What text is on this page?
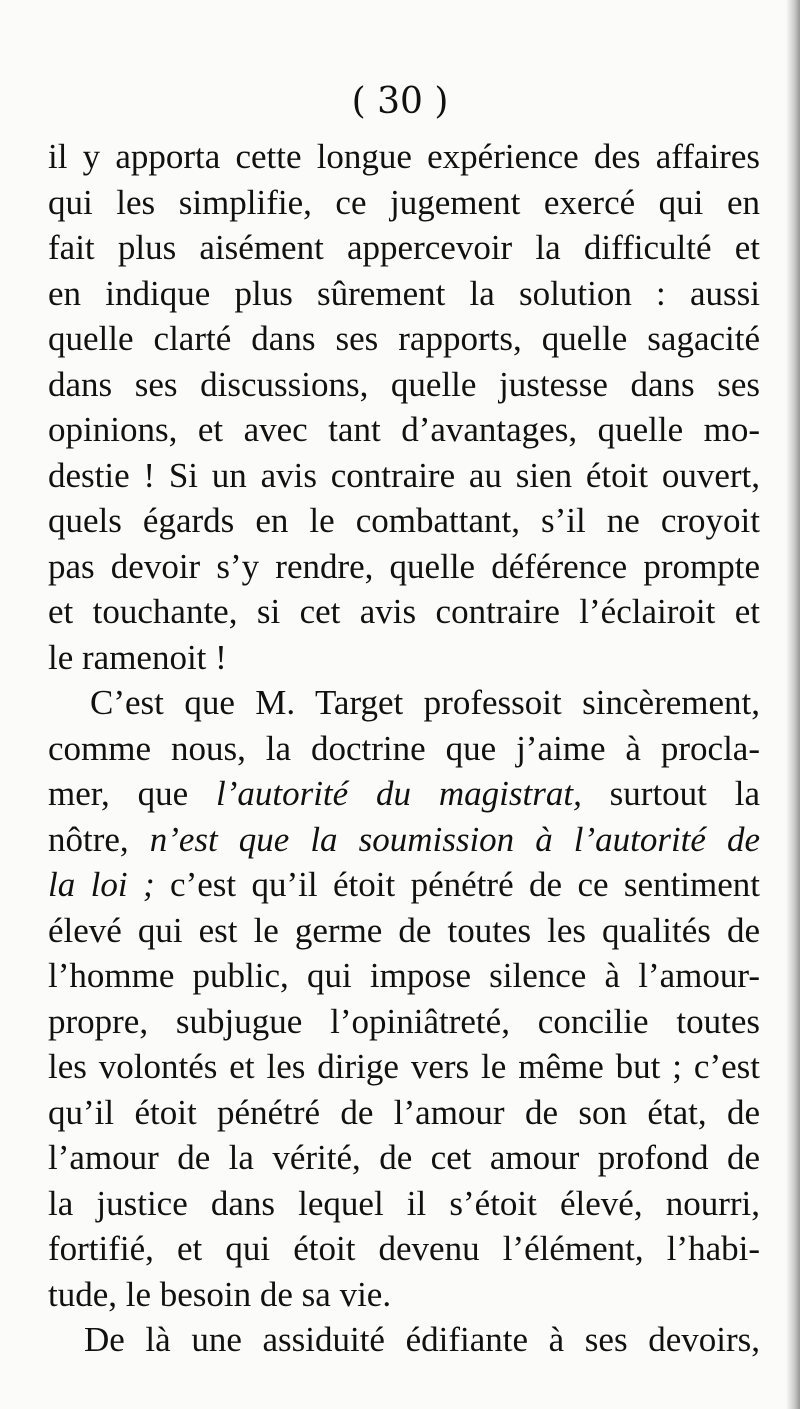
( 30 )
il y apporta cette longue expérience des affaires
qui les simplifie, ce jugement exercé qui en
fait plus aisément appercevoir la difficulté et
en indique plus sûrement la solution : aussi
quelle clarté dans ses rapports, quelle sagacité
dans ses discussions, quelle justesse dans ses
opinions, et avec tant d’avantages, quelle mo-
destie ! Si un avis contraire au sien étoit ouvert,
quels égards en le combattant, s’il ne croyoit
pas devoir s’y rendre, quelle déférence prompte
et touchante, si cet avis contraire l’éclairoit et
le ramenoit !
C’est que M. Target professoit sincèrement,
comme nous, la doctrine que j’aime à procla-
mer, que l’autorité du magistrat, surtout la
nôtre, n’est que la soumission à l’autorité de
la loi ; c’est qu’il étoit pénétré de ce sentiment
élevé qui est le germe de toutes les qualités de
l’homme public, qui impose silence à l’amour-
propre, subjugue l’opiniâtreté, concilie toutes
les volontés et les dirige vers le même but ; c’est
qu’il étoit pénétré de l’amour de son état, de
l’amour de la vérité, de cet amour profond de
la justice dans lequel il s’étoit élevé, nourri,
fortifié, et qui étoit devenu l’élément, l’habi-
tude, le besoin de sa vie.
De là une assiduité édifiante à ses devoirs,
